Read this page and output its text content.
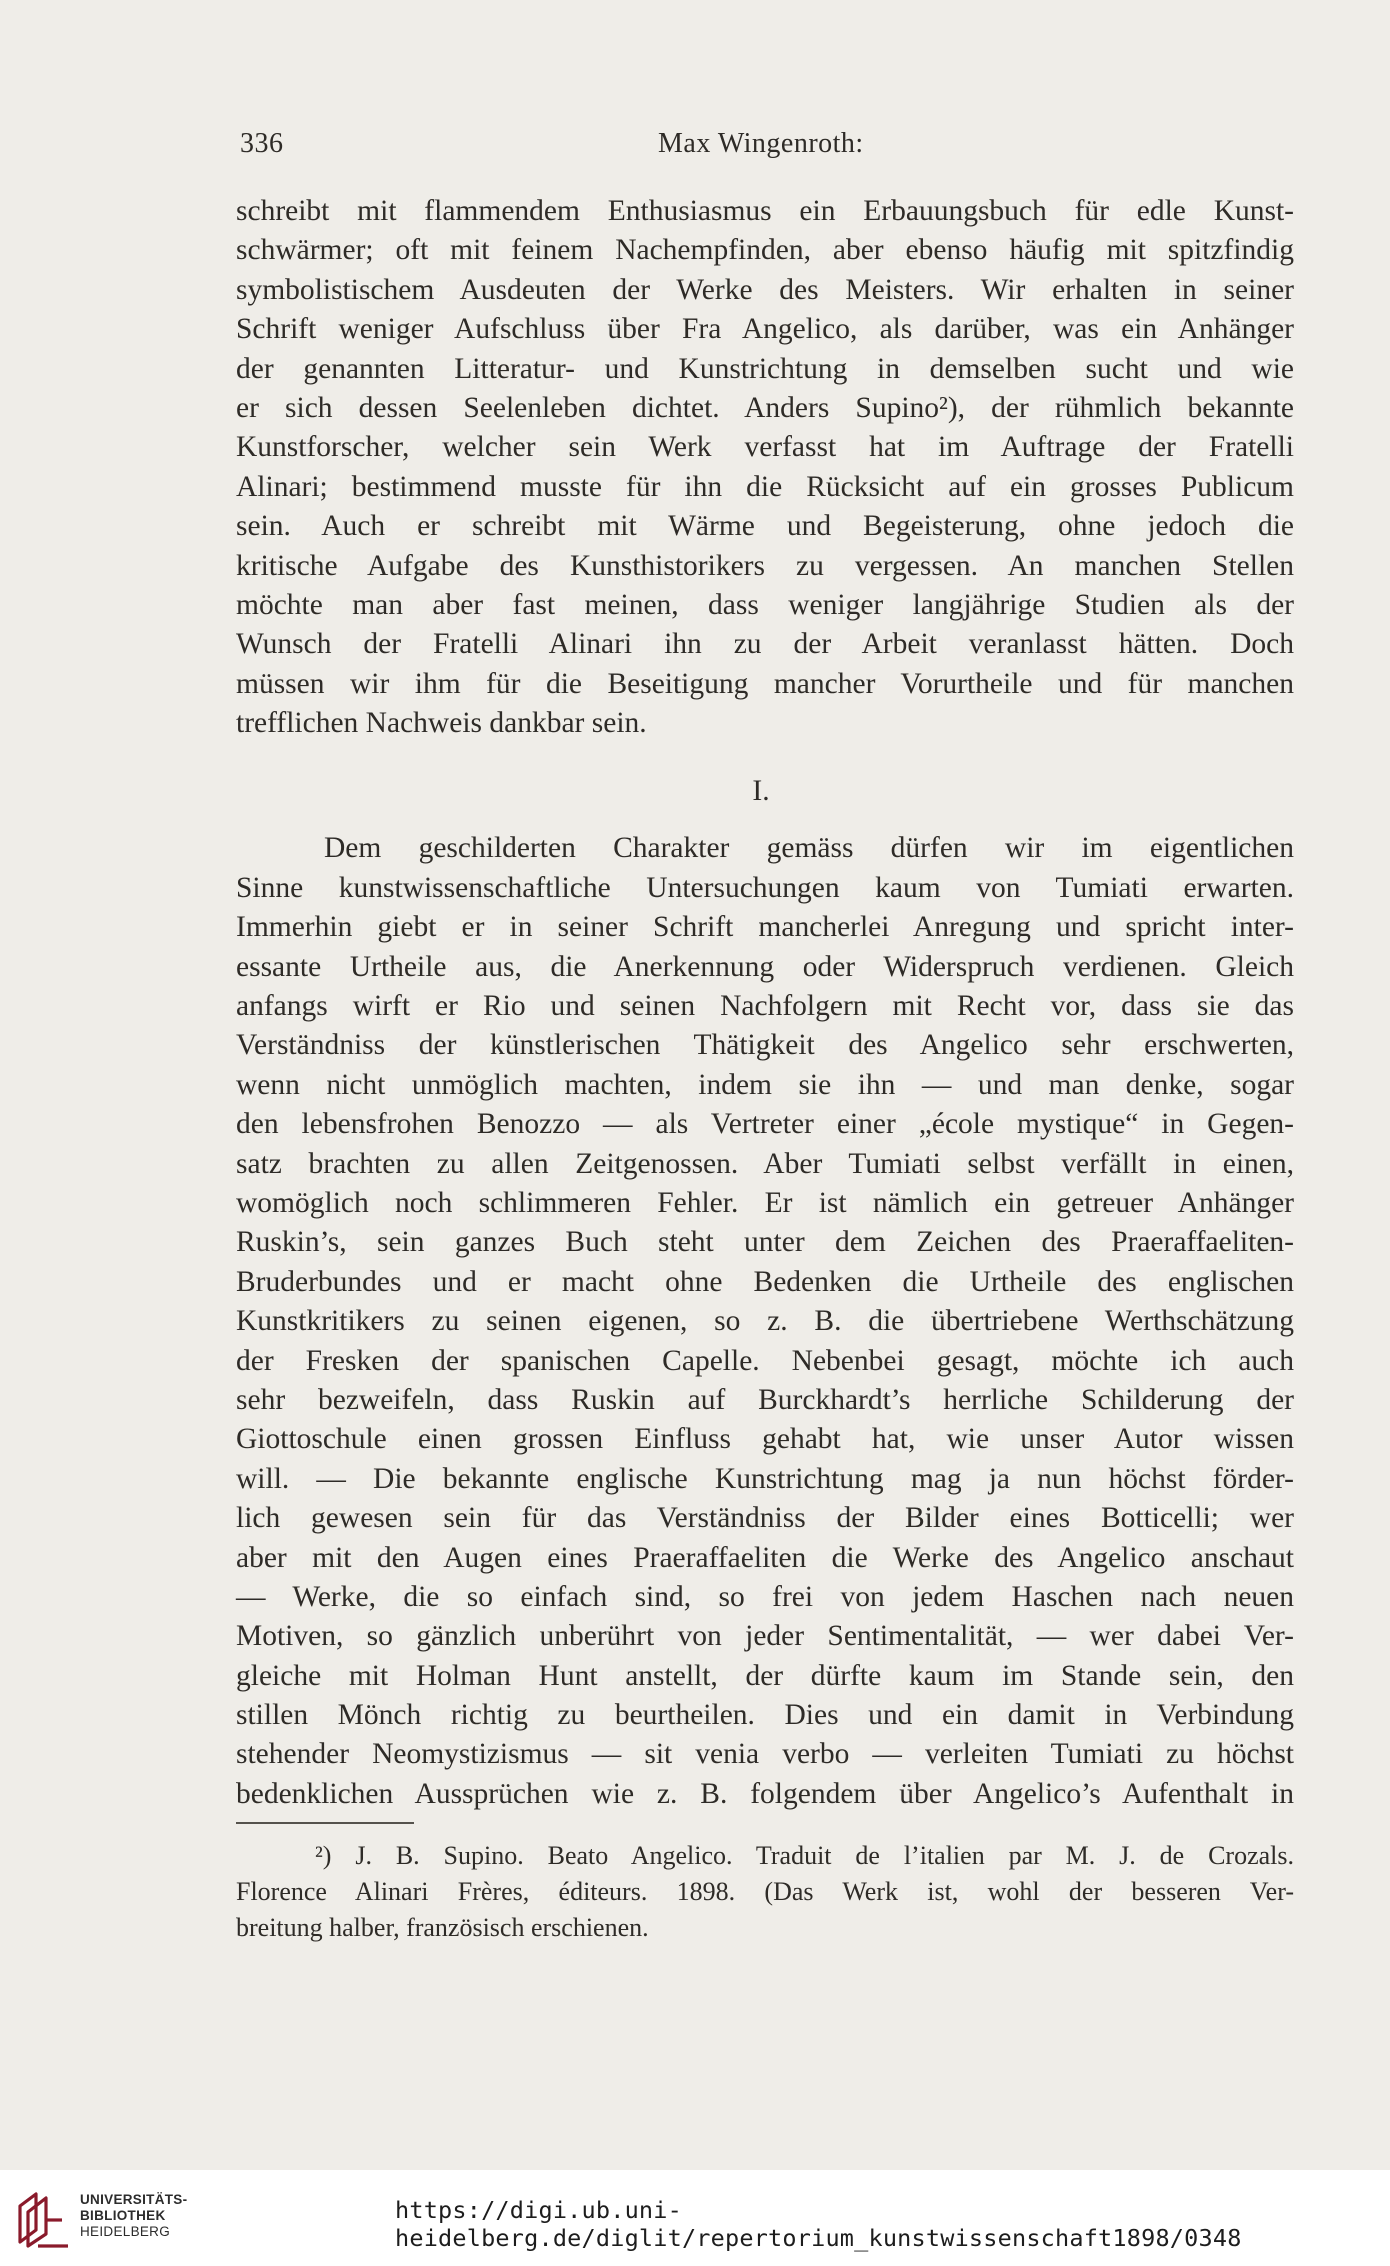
336	Max Wingenroth:
schreibt mit flammendem Enthusiasmus ein Erbauungsbuch für edle Kunst-
schwärmer; oft mit feinem Nachempfinden, aber ebenso häufig mit spitzfindig
symbolistischem Ausdeuten der Werke des Meisters. Wir erhalten in seiner
Schrift weniger Aufschluss über Fra Angelico, als darüber, was ein Anhänger
der genannten Litteratur- und Kunstrichtung in demselben sucht und wie
er sich dessen Seelenleben dichtet. Anders Supino²), der rühmlich bekannte
Kunstforscher, welcher sein Werk verfasst hat im Auftrage der Fratelli
Alinari; bestimmend musste für ihn die Rücksicht auf ein grosses Publicum
sein. Auch er schreibt mit Wärme und Begeisterung, ohne jedoch die
kritische Aufgabe des Kunsthistorikers zu vergessen. An manchen Stellen
möchte man aber fast meinen, dass weniger langjährige Studien als der
Wunsch der Fratelli Alinari ihn zu der Arbeit veranlasst hätten. Doch
müssen wir ihm für die Beseitigung mancher Vorurtheile und für manchen
trefflichen Nachweis dankbar sein.
I.
Dem geschilderten Charakter gemäss dürfen wir im eigentlichen
Sinne kunstwissenschaftliche Untersuchungen kaum von Tumiati erwarten.
Immerhin giebt er in seiner Schrift mancherlei Anregung und spricht inter-
essante Urtheile aus, die Anerkennung oder Widerspruch verdienen. Gleich
anfangs wirft er Rio und seinen Nachfolgern mit Recht vor, dass sie das
Verständniss der künstlerischen Thätigkeit des Angelico sehr erschwerten,
wenn nicht unmöglich machten, indem sie ihn — und man denke, sogar
den lebensfrohen Benozzo — als Vertreter einer „école mystique“ in Gegen-
satz brachten zu allen Zeitgenossen. Aber Tumiati selbst verfällt in einen,
womöglich noch schlimmeren Fehler. Er ist nämlich ein getreuer Anhänger
Ruskin’s, sein ganzes Buch steht unter dem Zeichen des Praeraffaeliten-
Bruderbundes und er macht ohne Bedenken die Urtheile des englischen
Kunstkritikers zu seinen eigenen, so z. B. die übertriebene Werthschätzung
der Fresken der spanischen Capelle. Nebenbei gesagt, möchte ich auch
sehr bezweifeln, dass Ruskin auf Burckhardt’s herrliche Schilderung der
Giottoschule einen grossen Einfluss gehabt hat, wie unser Autor wissen
will. — Die bekannte englische Kunstrichtung mag ja nun höchst förder-
lich gewesen sein für das Verständniss der Bilder eines Botticelli; wer
aber mit den Augen eines Praeraffaeliten die Werke des Angelico anschaut
— Werke, die so einfach sind, so frei von jedem Haschen nach neuen
Motiven, so gänzlich unberührt von jeder Sentimentalität, — wer dabei Ver-
gleiche mit Holman Hunt anstellt, der dürfte kaum im Stande sein, den
stillen Mönch richtig zu beurtheilen. Dies und ein damit in Verbindung
stehender Neomystizismus — sit venia verbo — verleiten Tumiati zu höchst
bedenklichen Aussprüchen wie z. B. folgendem über Angelico’s Aufenthalt in
²) J. B. Supino. Beato Angelico. Traduit de l’italien par M. J. de Crozals.
Florence Alinari Frères, éditeurs. 1898. (Das Werk ist, wohl der besseren Ver-
breitung halber, französisch erschienen.
UNIVERSITÄTS-
BIBLIOTHEK
HEIDELBERG
https://digi.ub.uni-heidelberg.de/diglit/repertorium_kunstwissenschaft1898/0348
